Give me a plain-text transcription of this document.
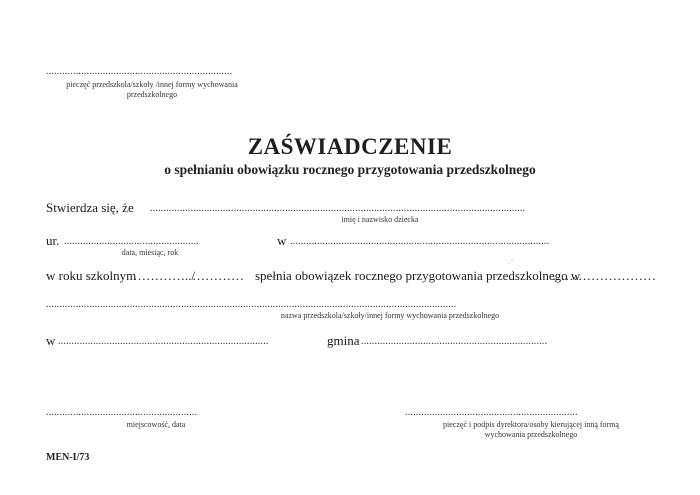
.....................................................................
pieczęć przedszkola/szkoły /innej formy wychowania
przedszkolnego
ZAŚWIADCZENIE
o spełnianiu obowiązku rocznego przygotowania przedszkolnego
Stwierdza się, że ...........................................................................................................................................
imię i nazwisko dziecka
ur. ..................................................	w ................................................................................................
data, miesiąc, rok
⸱ˇ
w roku szkolnym
…………../
………… spełnia obowiązek rocznego przygotowania przedszkolnego w
……………………
........................................................................................................................................................
nazwa przedszkola/szkoły/innej formy wychowania przedszkolnego
w ..............................................................................	gmina .....................................................................
........................................................
miejscowość, data
................................................................
pieczęć i podpis dyrektora/osoby kierującej inną formą
wychowania przedszkolnego
MEN-I/73
